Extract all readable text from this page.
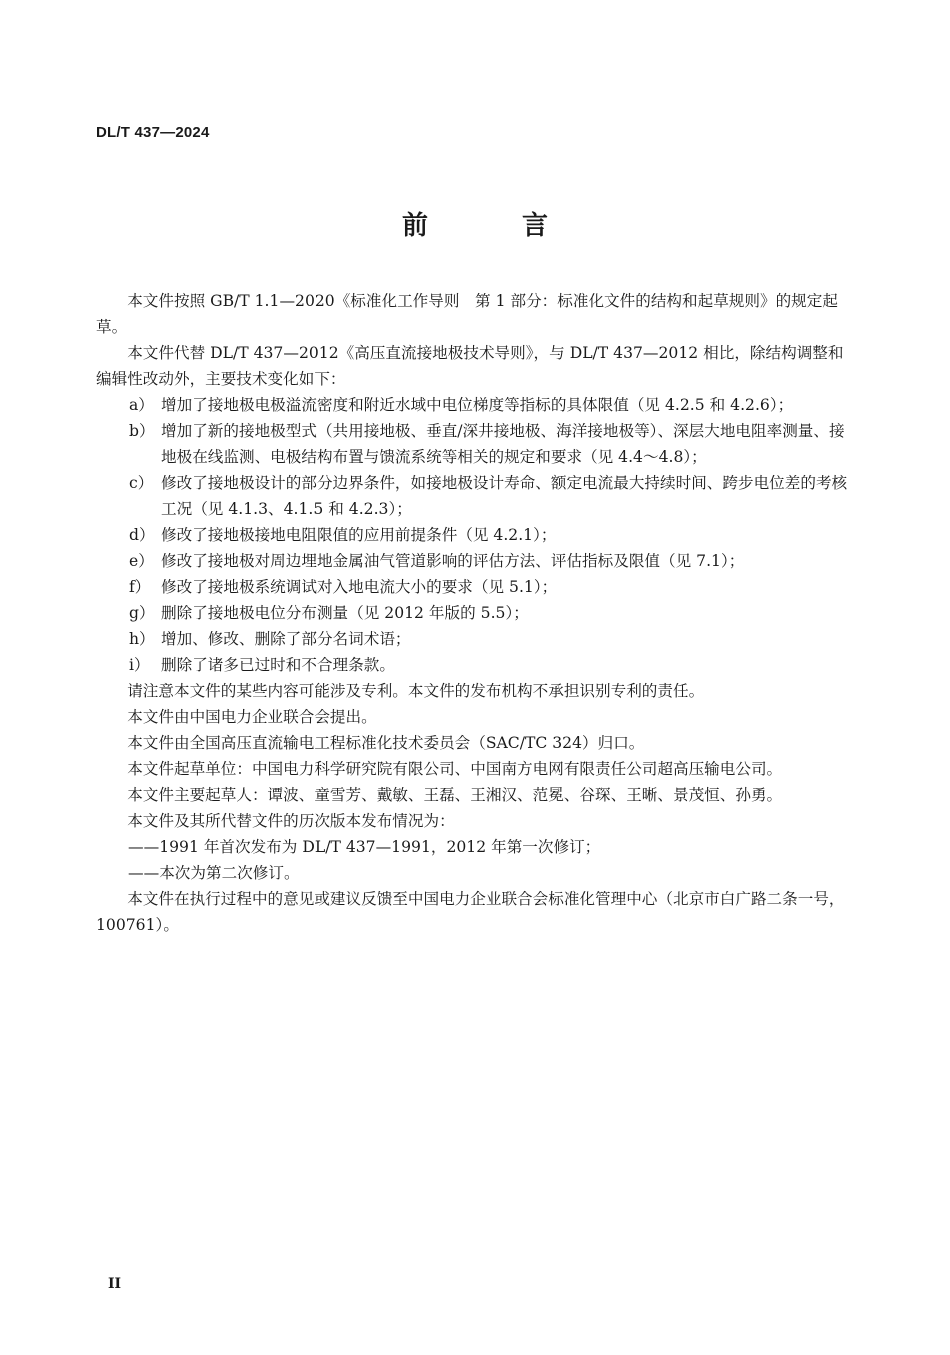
DL/T 437—2024
前　言

本文件按照 GB/T 1.1—2020《标准化工作导则　第 1 部分：标准化文件的结构和起草规则》的规定起草。

本文件代替 DL/T 437—2012《高压直流接地极技术导则》，与 DL/T 437—2012 相比，除结构调整和编辑性改动外，主要技术变化如下：

a） 增加了接地极电极溢流密度和附近水域中电位梯度等指标的具体限值（见 4.2.5 和 4.2.6）；

b） 增加了新的接地极型式（共用接地极、垂直/深井接地极、海洋接地极等）、深层大地电阻率测量、接地极在线监测、电极结构布置与馈流系统等相关的规定和要求（见 4.4～4.8）；

c） 修改了接地极设计的部分边界条件，如接地极设计寿命、额定电流最大持续时间、跨步电位差的考核工况（见 4.1.3、4.1.5 和 4.2.3）；

d） 修改了接地极接地电阻限值的应用前提条件（见 4.2.1）；

e） 修改了接地极对周边埋地金属油气管道影响的评估方法、评估指标及限值（见 7.1）；

f） 修改了接地极系统调试对入地电流大小的要求（见 5.1）；

g） 删除了接地极电位分布测量（见 2012 年版的 5.5）；

h） 增加、修改、删除了部分名词术语；

i） 删除了诸多已过时和不合理条款。

请注意本文件的某些内容可能涉及专利。本文件的发布机构不承担识别专利的责任。

本文件由中国电力企业联合会提出。

本文件由全国高压直流输电工程标准化技术委员会（SAC/TC 324）归口。

本文件起草单位：中国电力科学研究院有限公司、中国南方电网有限责任公司超高压输电公司。

本文件主要起草人：谭波、童雪芳、戴敏、王磊、王湘汉、范冕、谷琛、王晰、景茂恒、孙勇。

本文件及其所代替文件的历次版本发布情况为：

——1991 年首次发布为 DL/T 437—1991，2012 年第一次修订；

——本次为第二次修订。

本文件在执行过程中的意见或建议反馈至中国电力企业联合会标准化管理中心（北京市白广路二条一号，100761）。

II
